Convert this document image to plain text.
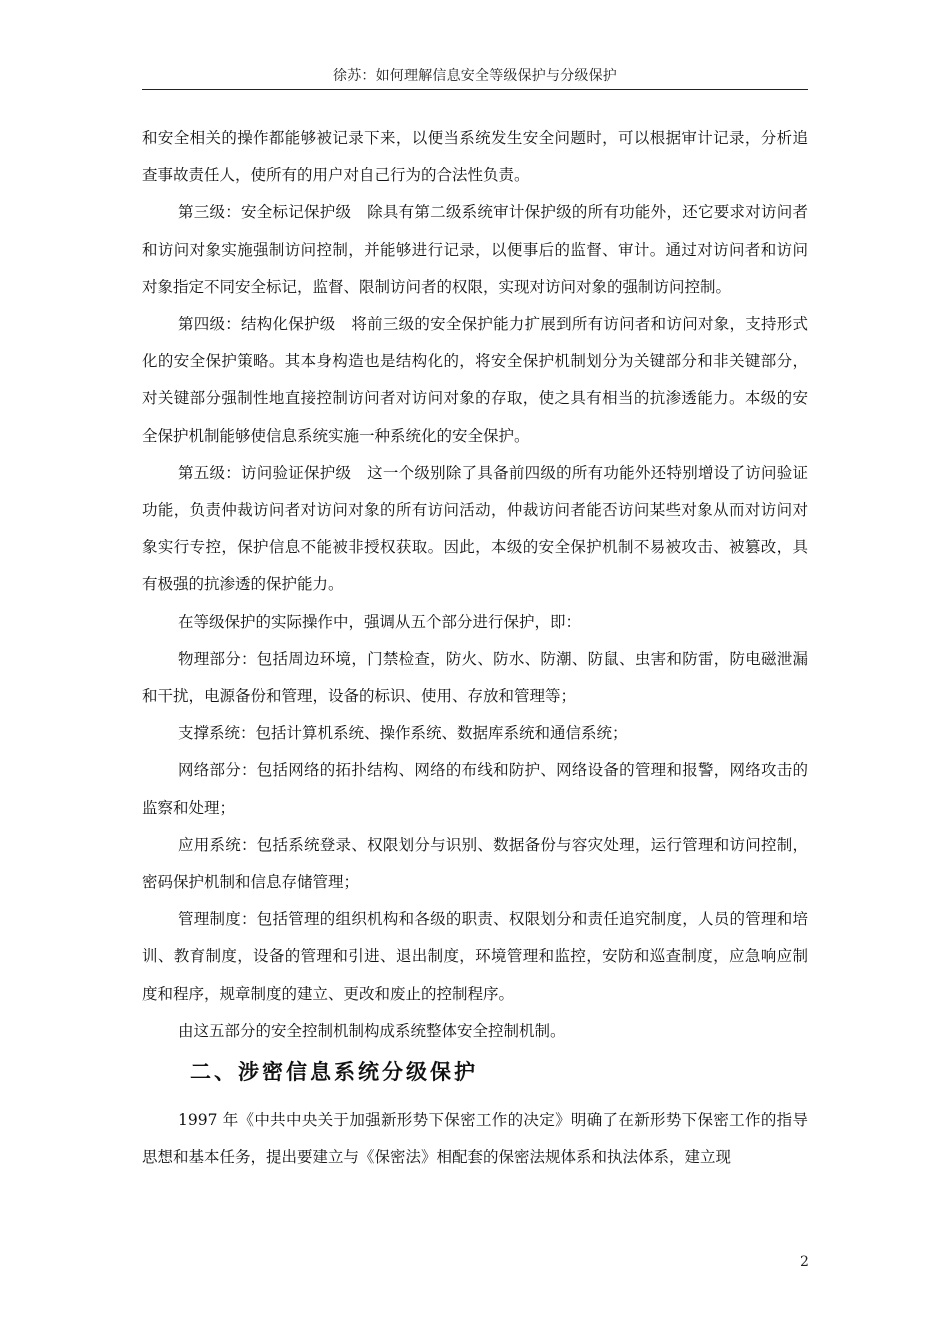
徐苏：如何理解信息安全等级保护与分级保护

和安全相关的操作都能够被记录下来，以便当系统发生安全问题时，可以根据审计记录，分析追查事故责任人，使所有的用户对自己行为的合法性负责。

第三级：安全标记保护级　除具有第二级系统审计保护级的所有功能外，还它要求对访问者和访问对象实施强制访问控制，并能够进行记录，以便事后的监督、审计。通过对访问者和访问对象指定不同安全标记，监督、限制访问者的权限，实现对访问对象的强制访问控制。

第四级：结构化保护级　将前三级的安全保护能力扩展到所有访问者和访问对象，支持形式化的安全保护策略。其本身构造也是结构化的，将安全保护机制划分为关键部分和非关键部分，对关键部分强制性地直接控制访问者对访问对象的存取，使之具有相当的抗渗透能力。本级的安全保护机制能够使信息系统实施一种系统化的安全保护。

第五级：访问验证保护级　这一个级别除了具备前四级的所有功能外还特别增设了访问验证功能，负责仲裁访问者对访问对象的所有访问活动，仲裁访问者能否访问某些对象从而对访问对象实行专控，保护信息不能被非授权获取。因此，本级的安全保护机制不易被攻击、被篡改，具有极强的抗渗透的保护能力。

在等级保护的实际操作中，强调从五个部分进行保护，即：

物理部分：包括周边环境，门禁检查，防火、防水、防潮、防鼠、虫害和防雷，防电磁泄漏和干扰，电源备份和管理，设备的标识、使用、存放和管理等；

支撑系统：包括计算机系统、操作系统、数据库系统和通信系统；

网络部分：包括网络的拓扑结构、网络的布线和防护、网络设备的管理和报警，网络攻击的监察和处理；

应用系统：包括系统登录、权限划分与识别、数据备份与容灾处理，运行管理和访问控制，密码保护机制和信息存储管理；

管理制度：包括管理的组织机构和各级的职责、权限划分和责任追究制度，人员的管理和培训、教育制度，设备的管理和引进、退出制度，环境管理和监控，安防和巡查制度，应急响应制度和程序，规章制度的建立、更改和废止的控制程序。

由这五部分的安全控制机制构成系统整体安全控制机制。

二、涉密信息系统分级保护

1997 年《中共中央关于加强新形势下保密工作的决定》明确了在新形势下保密工作的指导思想和基本任务，提出要建立与《保密法》相配套的保密法规体系和执法体系，建立现

2
